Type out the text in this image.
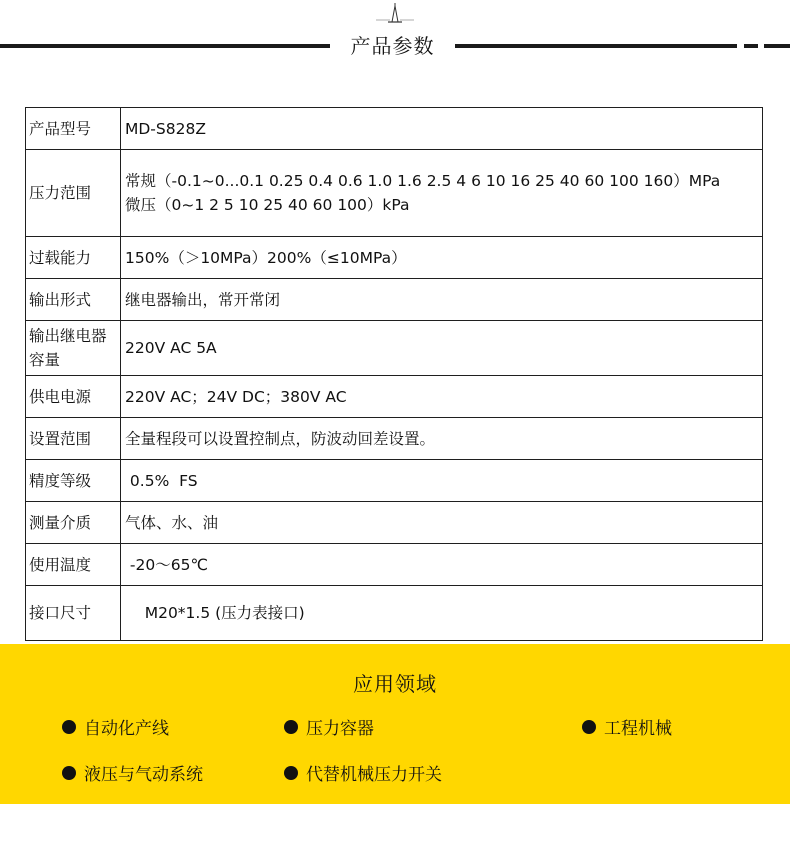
产品参数
产品型号	MD-S828Z

压力范围	常规（-0.1~0...0.1 0.25 0.4 0.6 1.0 1.6 2.5 4 6 10 16 25 40 60 100 160）MPa
微压（0~1 2 5 10 25 40 60 100）kPa

过载能力	150%（＞10MPa）200%（≤10MPa）

输出形式	继电器输出，常开常闭

输出继电器容量	220V AC 5A

供电电源	220V AC；24V DC；380V AC

设置范围	全量程段可以设置控制点，防波动回差设置。

精度等级	0.5%  FS

测量介质	气体、水、油

使用温度	-20～65℃

接口尺寸	M20*1.5 (压力表接口)
应用领域
自动化产线	压力容器	工程机械
液压与气动系统	代替机械压力开关
